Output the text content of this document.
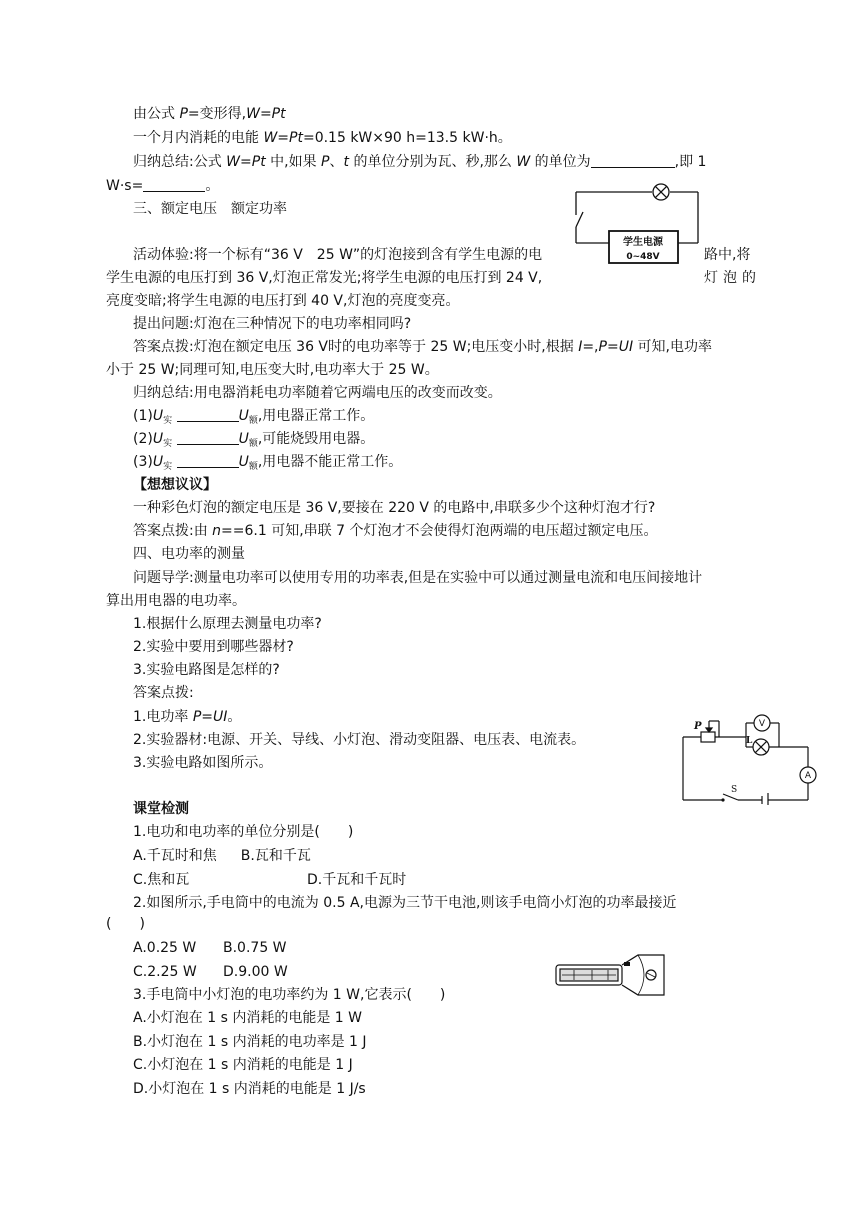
由公式 P=变形得,W=Pt
一个月内消耗的电能 W=Pt=0.15 kW×90 h=13.5 kW·h。
归纳总结:公式 W=Pt 中,如果 P、t 的单位分别为瓦、秒,那么 W 的单位为	,即 1
W·s=	。
三、额定电压　额定功率
学生电源
0~48V
活动体验:将一个标有“36 V　25 W”的灯泡接到含有学生电源的电	路中,将
学生电源的电压打到 36 V,灯泡正常发光;将学生电源的电压打到 24 V,	灯 泡 的
亮度变暗;将学生电源的电压打到 40 V,灯泡的亮度变亮。
提出问题:灯泡在三种情况下的电功率相同吗?
答案点拨:灯泡在额定电压 36 V时的电功率等于 25 W;电压变小时,根据 I=,P=UI 可知,电功率
小于 25 W;同理可知,电压变大时,电功率大于 25 W。
归纳总结:用电器消耗电功率随着它两端电压的改变而改变。
$(1)U_实$	$U_额$,用电器正常工作。
$(2)U_实$	$U_额$,可能烧毁用电器。
$(3)U_实$	$U_额$,用电器不能正常工作。
【想想议议】
一种彩色灯泡的额定电压是 36 V,要接在 220 V 的电路中,串联多少个这种灯泡才行?
答案点拨:由 n==6.1 可知,串联 7 个灯泡才不会使得灯泡两端的电压超过额定电压。
四、电功率的测量
问题导学:测量电功率可以使用专用的功率表,但是在实验中可以通过测量电流和电压间接地计
算出用电器的电功率。
1.根据什么原理去测量电功率?
2.实验中要用到哪些器材?
3.实验电路图是怎样的?
答案点拨:
1.电功率 P=UI。
2.实验器材:电源、开关、导线、小灯泡、滑动变阻器、电压表、电流表。
3.实验电路如图所示。
P
L
V
A
S
课堂检测
1.电功和电功率的单位分别是(　　)
A.千瓦时和焦 B.瓦和千瓦
C.焦和瓦	D.千瓦和千瓦时
2.如图所示,手电筒中的电流为 0.5 A,电源为三节干电池,则该手电筒小灯泡的功率最接近
(　　)
A.0.25 W B.0.75 W
C.2.25 W D.9.00 W
3.手电筒中小灯泡的电功率约为 1 W,它表示(　　)
A.小灯泡在 1 s 内消耗的电能是 1 W
B.小灯泡在 1 s 内消耗的电功率是 1 J
C.小灯泡在 1 s 内消耗的电能是 1 J
D.小灯泡在 1 s 内消耗的电能是 1 J/s
